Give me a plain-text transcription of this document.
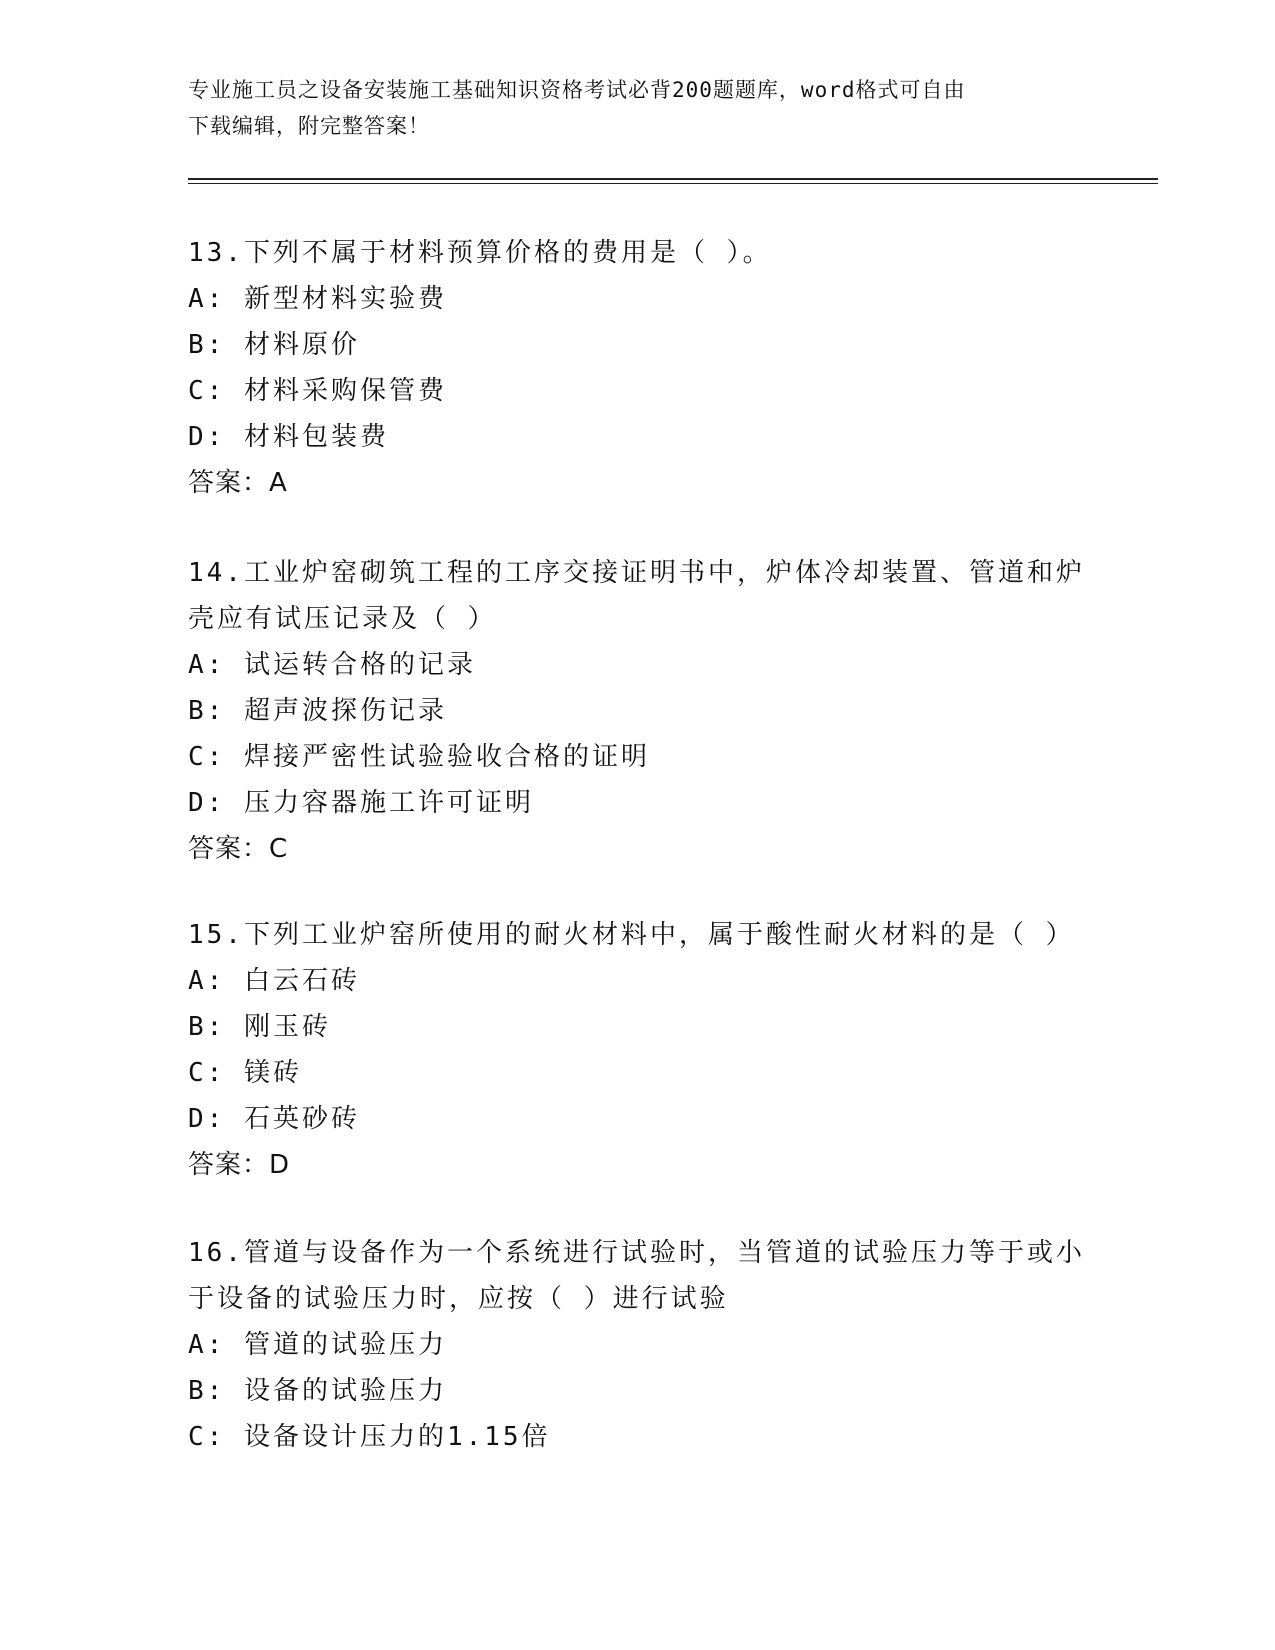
专业施工员之设备安装施工基础知识资格考试必背200题题库，word格式可自由
下载编辑，附完整答案！
13.下列不属于材料预算价格的费用是（ ）。
A: 新型材料实验费
B: 材料原价
C: 材料采购保管费
D: 材料包装费
答案：A
14.工业炉窑砌筑工程的工序交接证明书中，炉体冷却装置、管道和炉
壳应有试压记录及（ ）
A: 试运转合格的记录
B: 超声波探伤记录
C: 焊接严密性试验验收合格的证明
D: 压力容器施工许可证明
答案：C
15.下列工业炉窑所使用的耐火材料中，属于酸性耐火材料的是（ ）
A: 白云石砖
B: 刚玉砖
C: 镁砖
D: 石英砂砖
答案：D
16.管道与设备作为一个系统进行试验时，当管道的试验压力等于或小
于设备的试验压力时，应按（ ）进行试验
A: 管道的试验压力
B: 设备的试验压力
C: 设备设计压力的1.15倍
